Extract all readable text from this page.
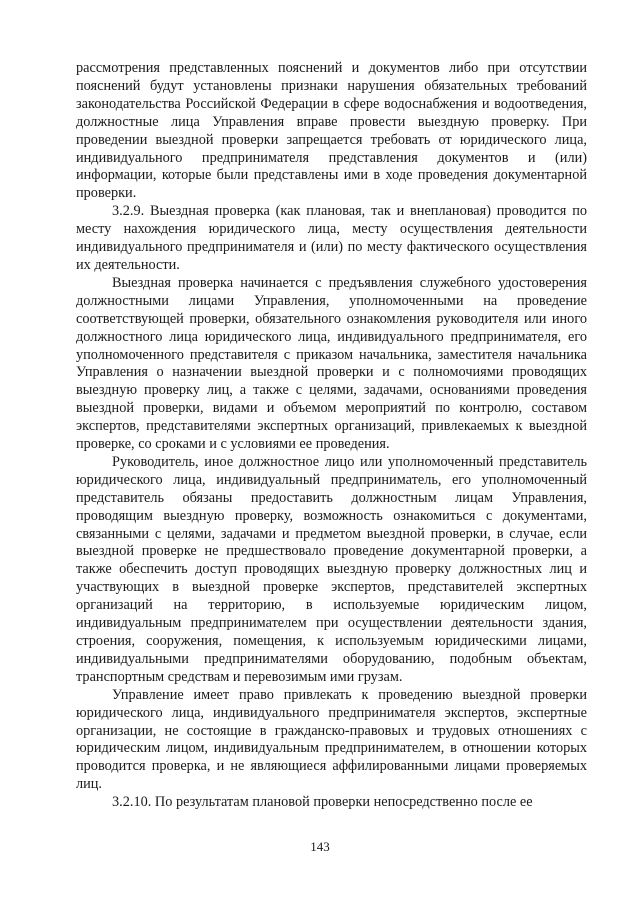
рассмотрения представленных пояснений и документов либо при отсутствии пояснений будут установлены признаки нарушения обязательных требований законодательства Российской Федерации в сфере водоснабжения и водоотведения, должностные лица Управления вправе провести выездную проверку. При проведении выездной проверки запрещается требовать от юридического лица, индивидуального предпринимателя представления документов и (или) информации, которые были представлены ими в ходе проведения документарной проверки.

3.2.9. Выездная проверка (как плановая, так и внеплановая) проводится по месту нахождения юридического лица, месту осуществления деятельности индивидуального предпринимателя и (или) по месту фактического осуществления их деятельности.

Выездная проверка начинается с предъявления служебного удостоверения должностными лицами Управления, уполномоченными на проведение соответствующей проверки, обязательного ознакомления руководителя или иного должностного лица юридического лица, индивидуального предпринимателя, его уполномоченного представителя с приказом начальника, заместителя начальника Управления о назначении выездной проверки и с полномочиями проводящих выездную проверку лиц, а также с целями, задачами, основаниями проведения выездной проверки, видами и объемом мероприятий по контролю, составом экспертов, представителями экспертных организаций, привлекаемых к выездной проверке, со сроками и с условиями ее проведения.

Руководитель, иное должностное лицо или уполномоченный представитель юридического лица, индивидуальный предприниматель, его уполномоченный представитель обязаны предоставить должностным лицам Управления, проводящим выездную проверку, возможность ознакомиться с документами, связанными с целями, задачами и предметом выездной проверки, в случае, если выездной проверке не предшествовало проведение документарной проверки, а также обеспечить доступ проводящих выездную проверку должностных лиц и участвующих в выездной проверке экспертов, представителей экспертных организаций на территорию, в используемые юридическим лицом, индивидуальным предпринимателем при осуществлении деятельности здания, строения, сооружения, помещения, к используемым юридическими лицами, индивидуальными предпринимателями оборудованию, подобным объектам, транспортным средствам и перевозимым ими грузам.

Управление имеет право привлекать к проведению выездной проверки юридического лица, индивидуального предпринимателя экспертов, экспертные организации, не состоящие в гражданско-правовых и трудовых отношениях с юридическим лицом, индивидуальным предпринимателем, в отношении которых проводится проверка, и не являющиеся аффилированными лицами проверяемых лиц.

3.2.10. По результатам плановой проверки непосредственно после ее

143
